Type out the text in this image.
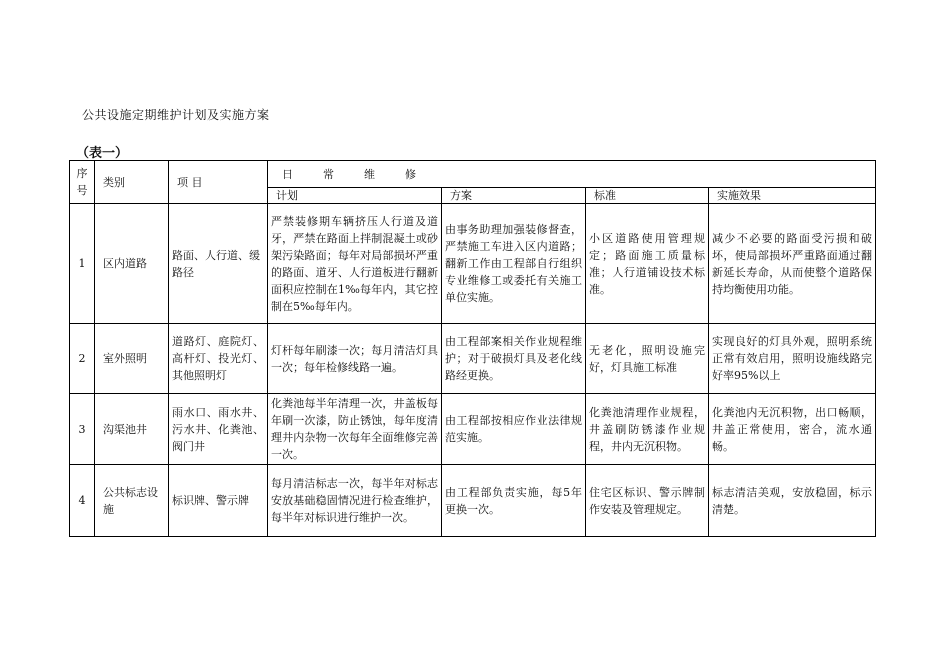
公共设施定期维护计划及实施方案
（表一）
序号	类别	项 目	日常维修			
			计划	方案	标准	实施效果
1	区内道路	路面、人行道、缓路径	严禁装修期车辆挤压人行道及道牙，严禁在路面上拌制混凝土或砂架污染路面；每年对局部损坏严重的路面、道牙、人行道板进行翻新面积应控制在1‰每年内，其它控制在5‰每年内。	由事务助理加强装修督查，严禁施工车进入区内道路；翻新工作由工程部自行组织专业维修工或委托有关施工单位实施。	小区道路使用管理规定；路面施工质量标准；人行道铺设技术标准。	减少不必要的路面受污损和破坏，使局部损坏严重路面通过翻新延长寿命，从而使整个道路保持均衡使用功能。
2	室外照明	道路灯、庭院灯、高杆灯、投光灯、其他照明灯	灯杆每年刷漆一次；每月清洁灯具一次；每年检修线路一遍。	由工程部案相关作业规程维护；对于破损灯具及老化线路经更换。	无老化，照明设施完好，灯具施工标准	实现良好的灯具外观，照明系统正常有效启用，照明设施线路完好率95%以上
3	沟渠池井	雨水口、雨水井、污水井、化粪池、阀门井	化粪池每半年清理一次，井盖板每年刷一次漆，防止锈蚀，每年度清理井内杂物一次每年全面维修完善一次。	由工程部按相应作业法律规范实施。	化粪池清理作业规程，井盖刷防锈漆作业规程，井内无沉积物。	化粪池内无沉积物，出口畅顺，井盖正常使用，密合，流水通畅。
4	公共标志设施	标识牌、警示牌	每月清洁标志一次，每半年对标志安放基础稳固情况进行检查维护，每半年对标识进行维护一次。	由工程部负责实施，每5年更换一次。	住宅区标识、警示牌制作安装及管理规定。	标志清洁美观，安放稳固，标示清楚。
